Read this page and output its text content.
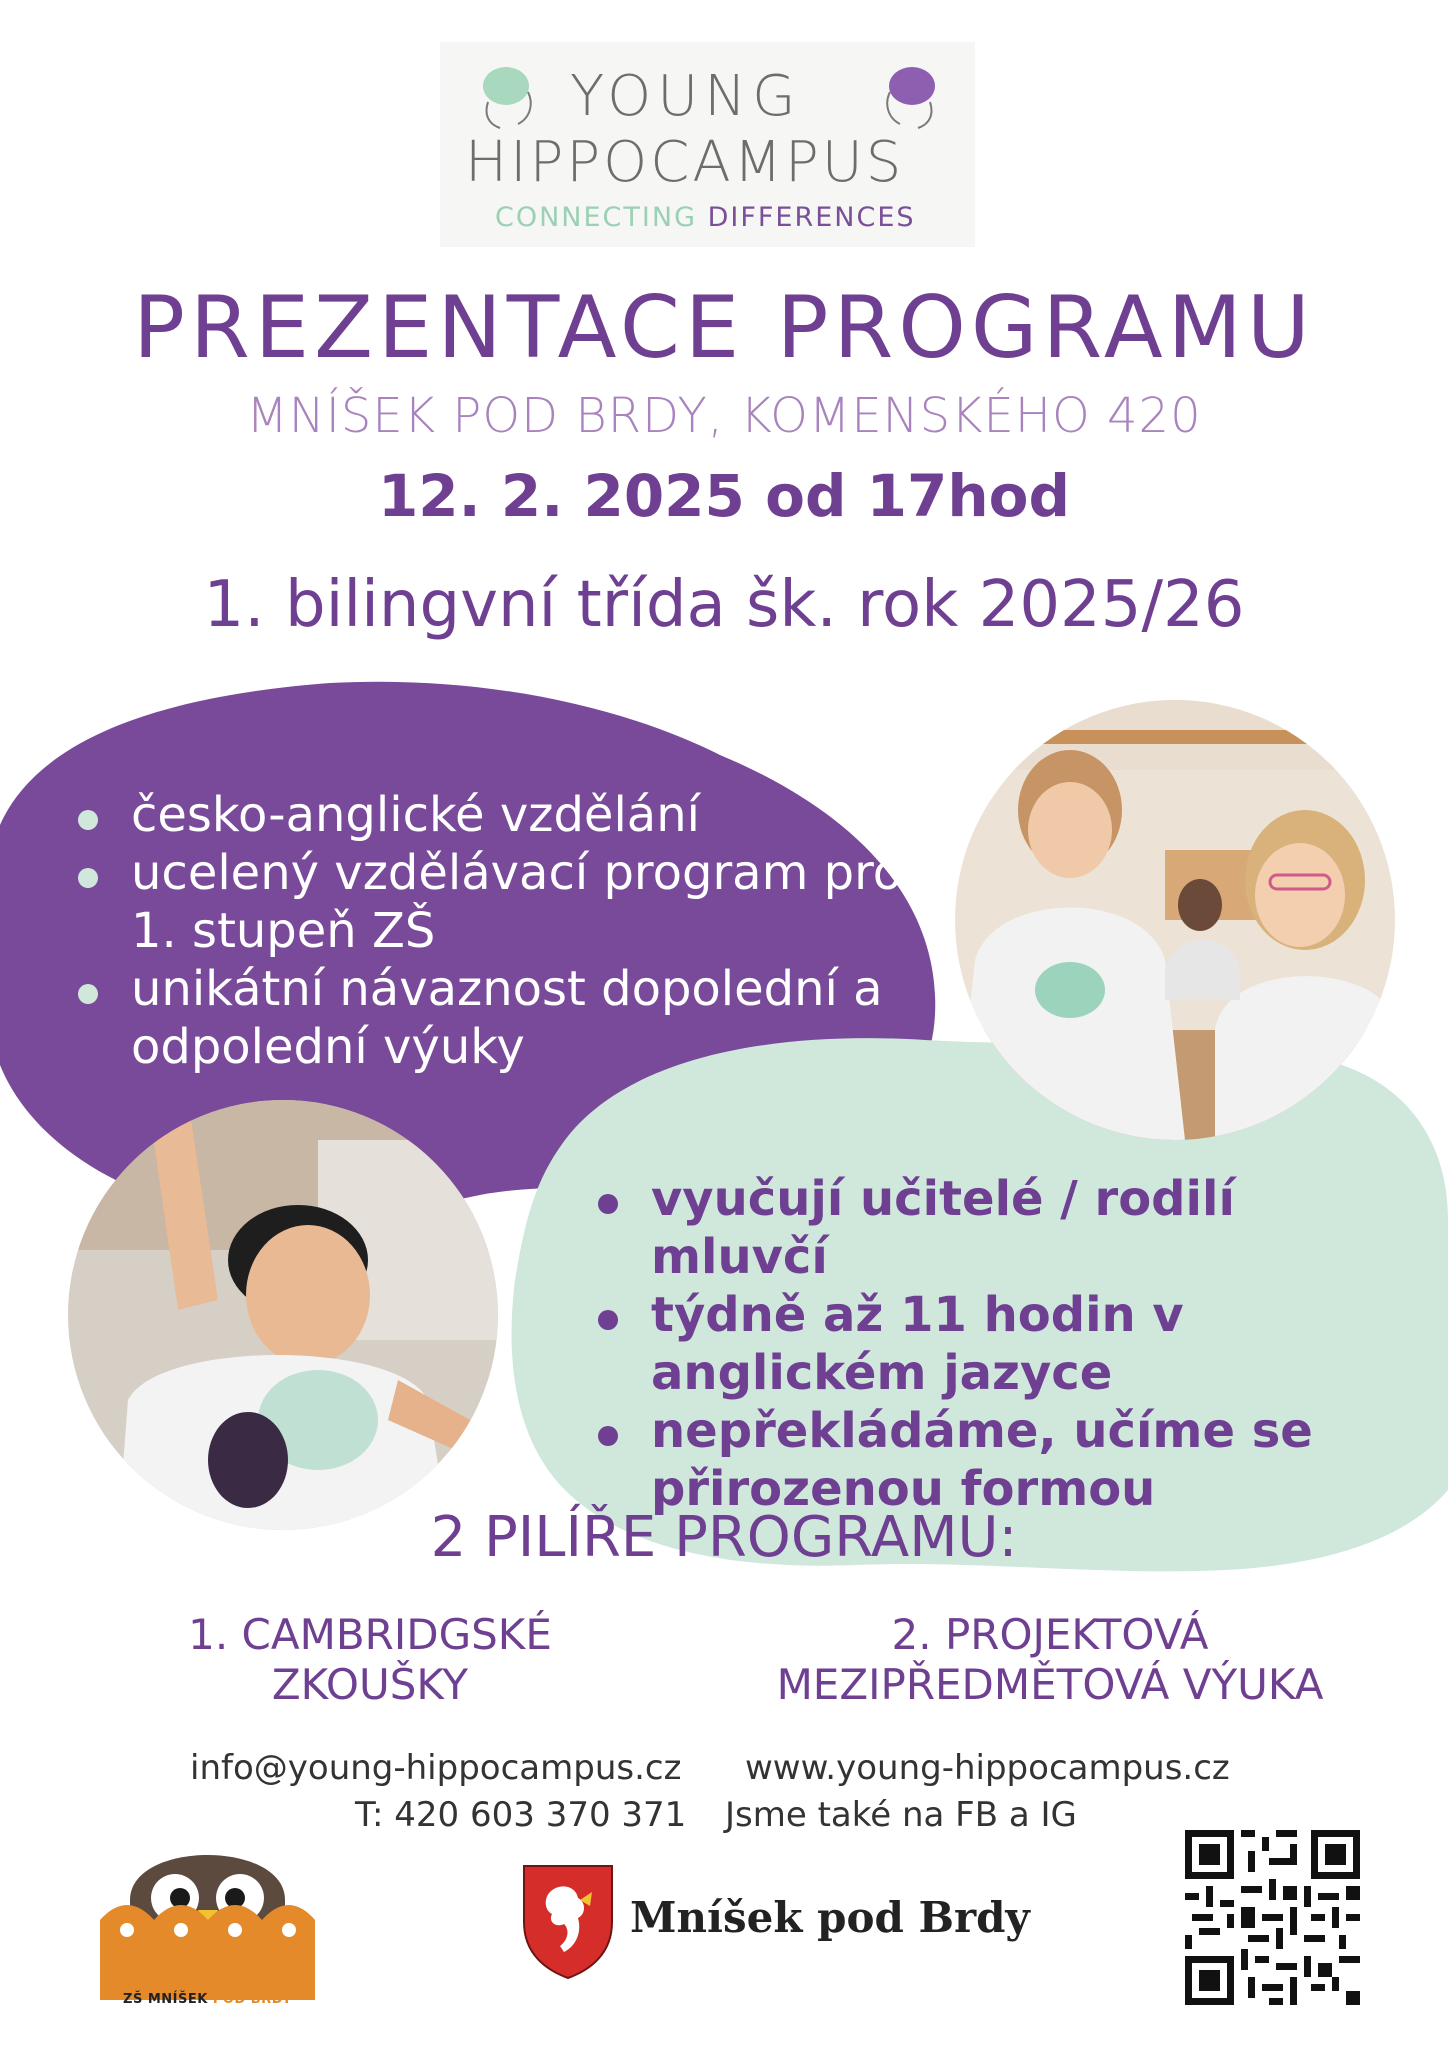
YOUNG
HIPPOCAMPUS
CONNECTING DIFFERENCES
PREZENTACE PROGRAMU
MNÍŠEK POD BRDY, KOMENSKÉHO 420
12. 2. 2025 od 17hod
1. bilingvní třída šk. rok 2025/26
česko-anglické vzdělání
ucelený vzdělávací program pro 1. stupeň ZŠ
unikátní návaznost dopolední a odpolední výuky
vyučují učitelé / rodilí mluvčí
týdně až 11 hodin v anglickém jazyce
nepřekládáme, učíme se přirozenou formou
2 PILÍŘE PROGRAMU:
1. CAMBRIDGSKÉ
ZKOUŠKY
2. PROJEKTOVÁ
MEZIPŘEDMĚTOVÁ VÝUKA
info@young-hippocampus.cz www.young-hippocampus.cz
T: 420 603 370 371 Jsme také na FB a IG
ZŠ MNÍŠEK POD BRDY
Mníšek pod Brdy
